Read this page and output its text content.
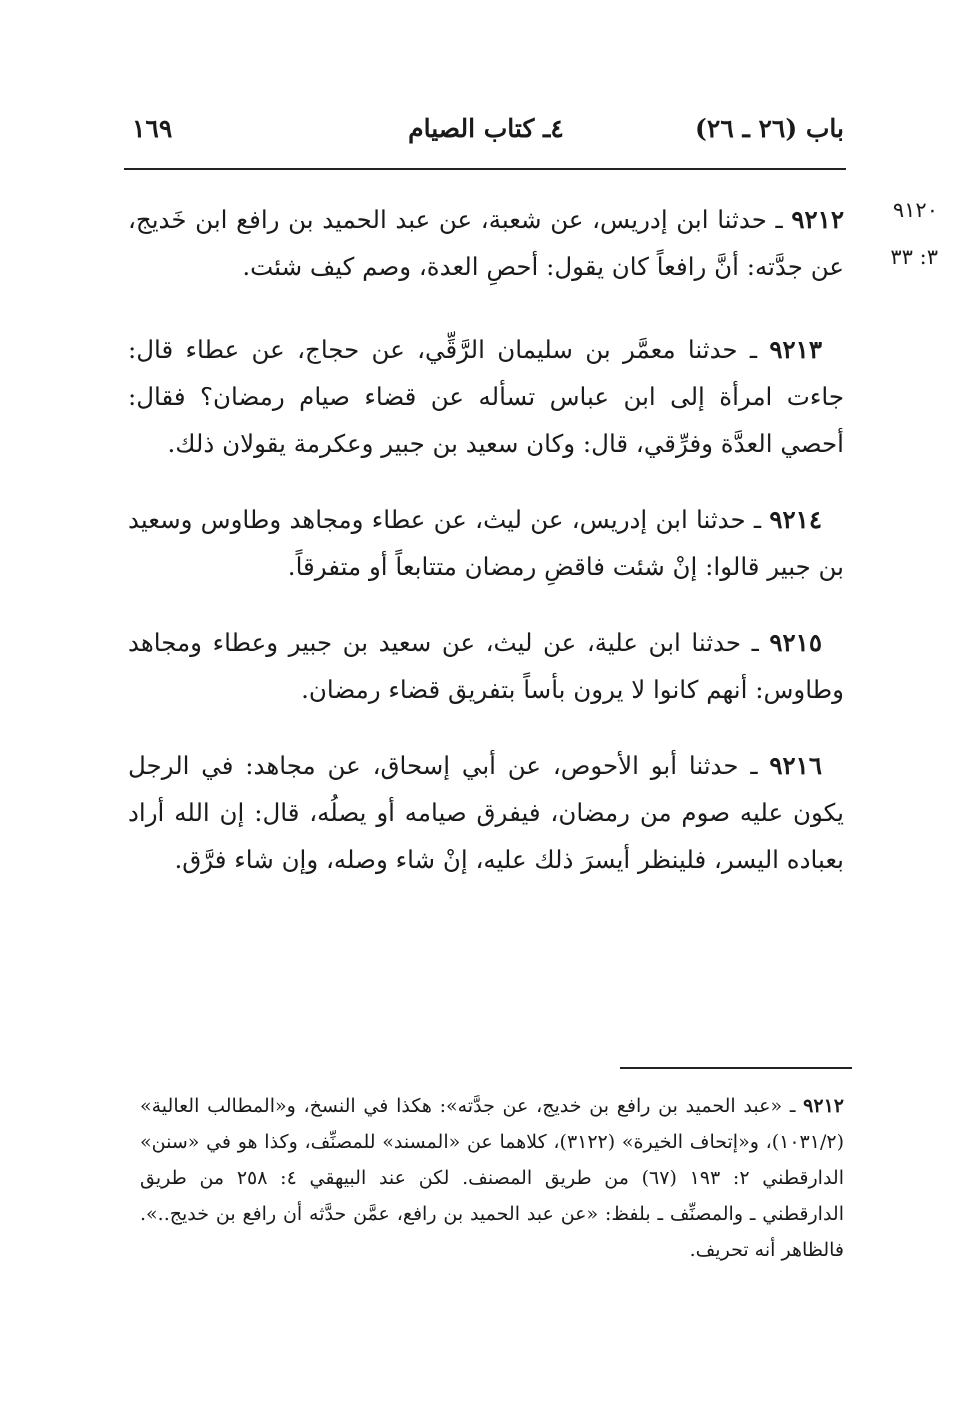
باب (٢٦ ـ ٢٦)
٤ـ كتاب الصيام
١٦٩
٩١٢٠
٣: ٣٣

٩٢١٢ ـ حدثنا ابن إدريس، عن شعبة، عن عبد الحميد بن رافع ابن خَديج، عن جدَّته: أنَّ رافعاً كان يقول: أحصِ العدة، وصم كيف شئت.

٩٢١٣ ـ حدثنا معمَّر بن سليمان الرَّقِّي، عن حجاج، عن عطاء قال: جاءت امرأة إلى ابن عباس تسأله عن قضاء صيام رمضان؟ فقال: أحصي العدَّة وفرِّقي، قال: وكان سعيد بن جبير وعكرمة يقولان ذلك.

٩٢١٤ ـ حدثنا ابن إدريس، عن ليث، عن عطاء ومجاهد وطاوس وسعيد بن جبير قالوا: إنْ شئت فاقضِ رمضان متتابعاً أو متفرقاً.

٩٢١٥ ـ حدثنا ابن علية، عن ليث، عن سعيد بن جبير وعطاء ومجاهد وطاوس: أنهم كانوا لا يرون بأساً بتفريق قضاء رمضان.

٩٢١٦ ـ حدثنا أبو الأحوص، عن أبي إسحاق، عن مجاهد: في الرجل يكون عليه صوم من رمضان، فيفرق صيامه أو يصلُه، قال: إن الله أراد بعباده اليسر، فلينظر أيسرَ ذلك عليه، إنْ شاء وصله، وإن شاء فرَّق.

٩٢١٢ ـ «عبد الحميد بن رافع بن خديج، عن جدَّته»: هكذا في النسخ، و«المطالب العالية» (١٠٣١/٢)، و«إتحاف الخيرة» (٣١٢٢)، كلاهما عن «المسند» للمصنِّف، وكذا هو في «سنن» الدارقطني ٢: ١٩٣ (٦٧) من طريق المصنف. لكن عند البيهقي ٤: ٢٥٨ من طريق الدارقطني ـ والمصنِّف ـ بلفظ: «عن عبد الحميد بن رافع، عمَّن حدَّثه أن رافع بن خديج..». فالظاهر أنه تحريف.
